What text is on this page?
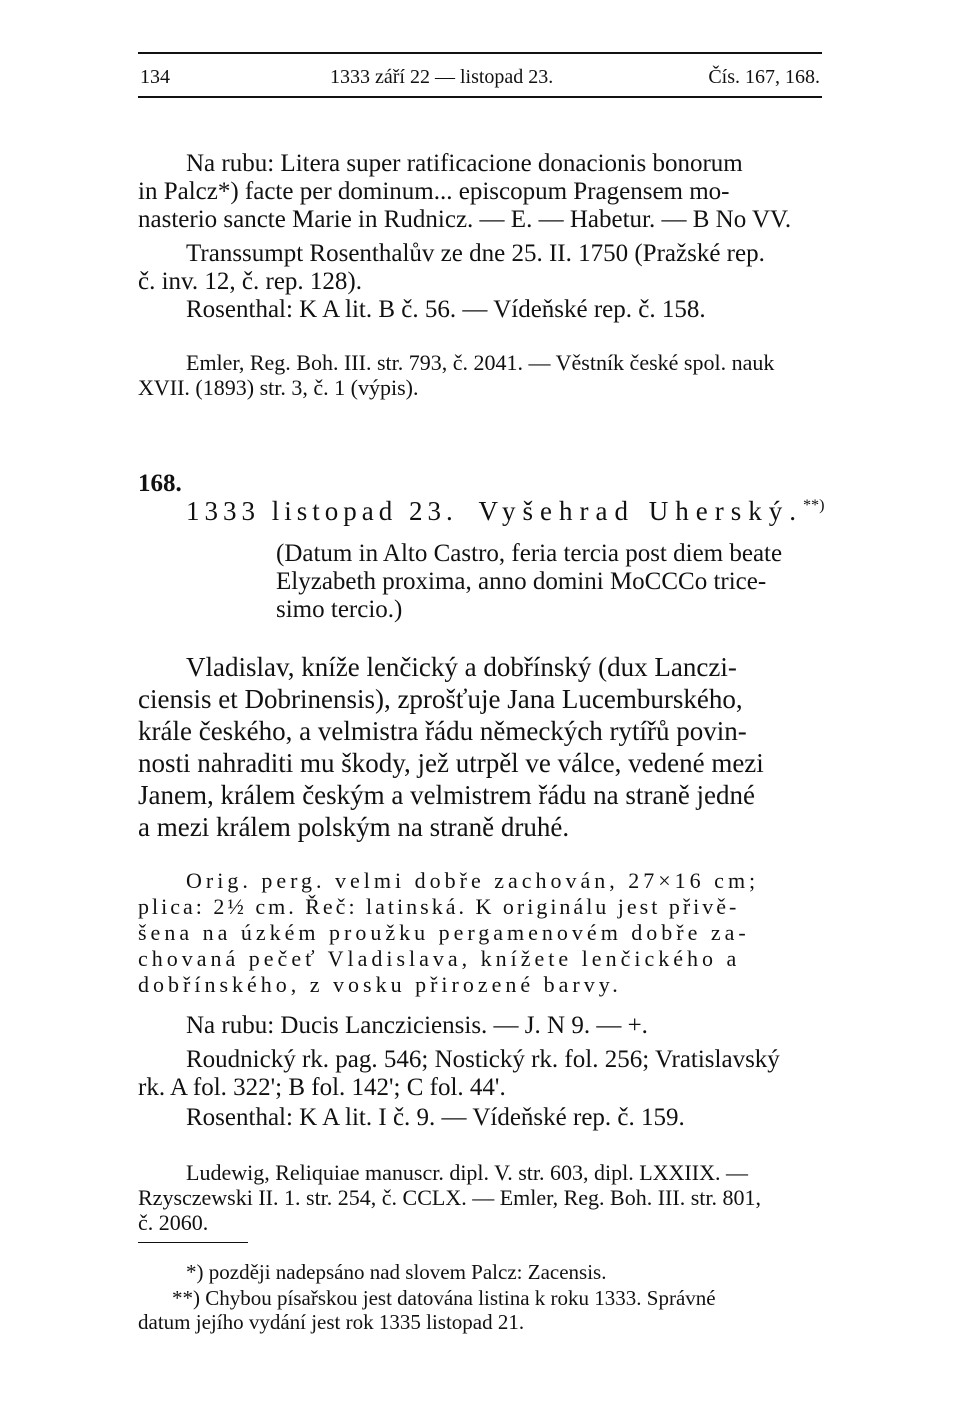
134	1333 září 22 — listopad 23.	Čís. 167, 168.
Na rubu: Litera super ratificacione donacionis bonorum
in Palcz*) facte per dominum... episcopum Pragensem mo-
nasterio sancte Marie in Rudnicz. — E. — Habetur. — B No VV.
Transsumpt Rosenthalův ze dne 25. II. 1750 (Pražské rep.
č. inv. 12, č. rep. 128).
Rosenthal: K A lit. B č. 56. — Vídeňské rep. č. 158.
Emler, Reg. Boh. III. str. 793, č. 2041. — Věstník české spol. nauk
XVII. (1893) str. 3, č. 1 (výpis).
168.
1333 listopad 23. Vyšehrad Uherský.**)
(Datum in Alto Castro, feria tercia post diem beate
Elyzabeth proxima, anno domini MoCCCo trice-
simo tercio.)
Vladislav, kníže lenčický a dobřínský (dux Lanczi-
ciensis et Dobrinensis), zprošťuje Jana Lucemburského,
krále českého, a velmistra řádu německých rytířů povin-
nosti nahraditi mu škody, jež utrpěl ve válce, vedené mezi
Janem, králem českým a velmistrem řádu na straně jedné
a mezi králem polským na straně druhé.
Orig. perg. velmi dobře zachován, 27×16 cm;
plica: 2½ cm. Řeč: latinská. K originálu jest přivě-
šena na úzkém proužku pergamenovém dobře za-
chovaná pečeť Vladislava, knížete lenčického a
dobřínského, z vosku přirozené barvy.
Na rubu: Ducis Lancziciensis. — J. N 9. — +.
Roudnický rk. pag. 546; Nostický rk. fol. 256; Vratislavský
rk. A fol. 322'; B fol. 142'; C fol. 44'.
Rosenthal: K A lit. I č. 9. — Vídeňské rep. č. 159.
Ludewig, Reliquiae manuscr. dipl. V. str. 603, dipl. LXXIIX. —
Rzysczewski II. 1. str. 254, č. CCLX. — Emler, Reg. Boh. III. str. 801,
č. 2060.
*) později nadepsáno nad slovem Palcz: Zacensis.
**) Chybou písařskou jest datována listina k roku 1333. Správné
datum jejího vydání jest rok 1335 listopad 21.
